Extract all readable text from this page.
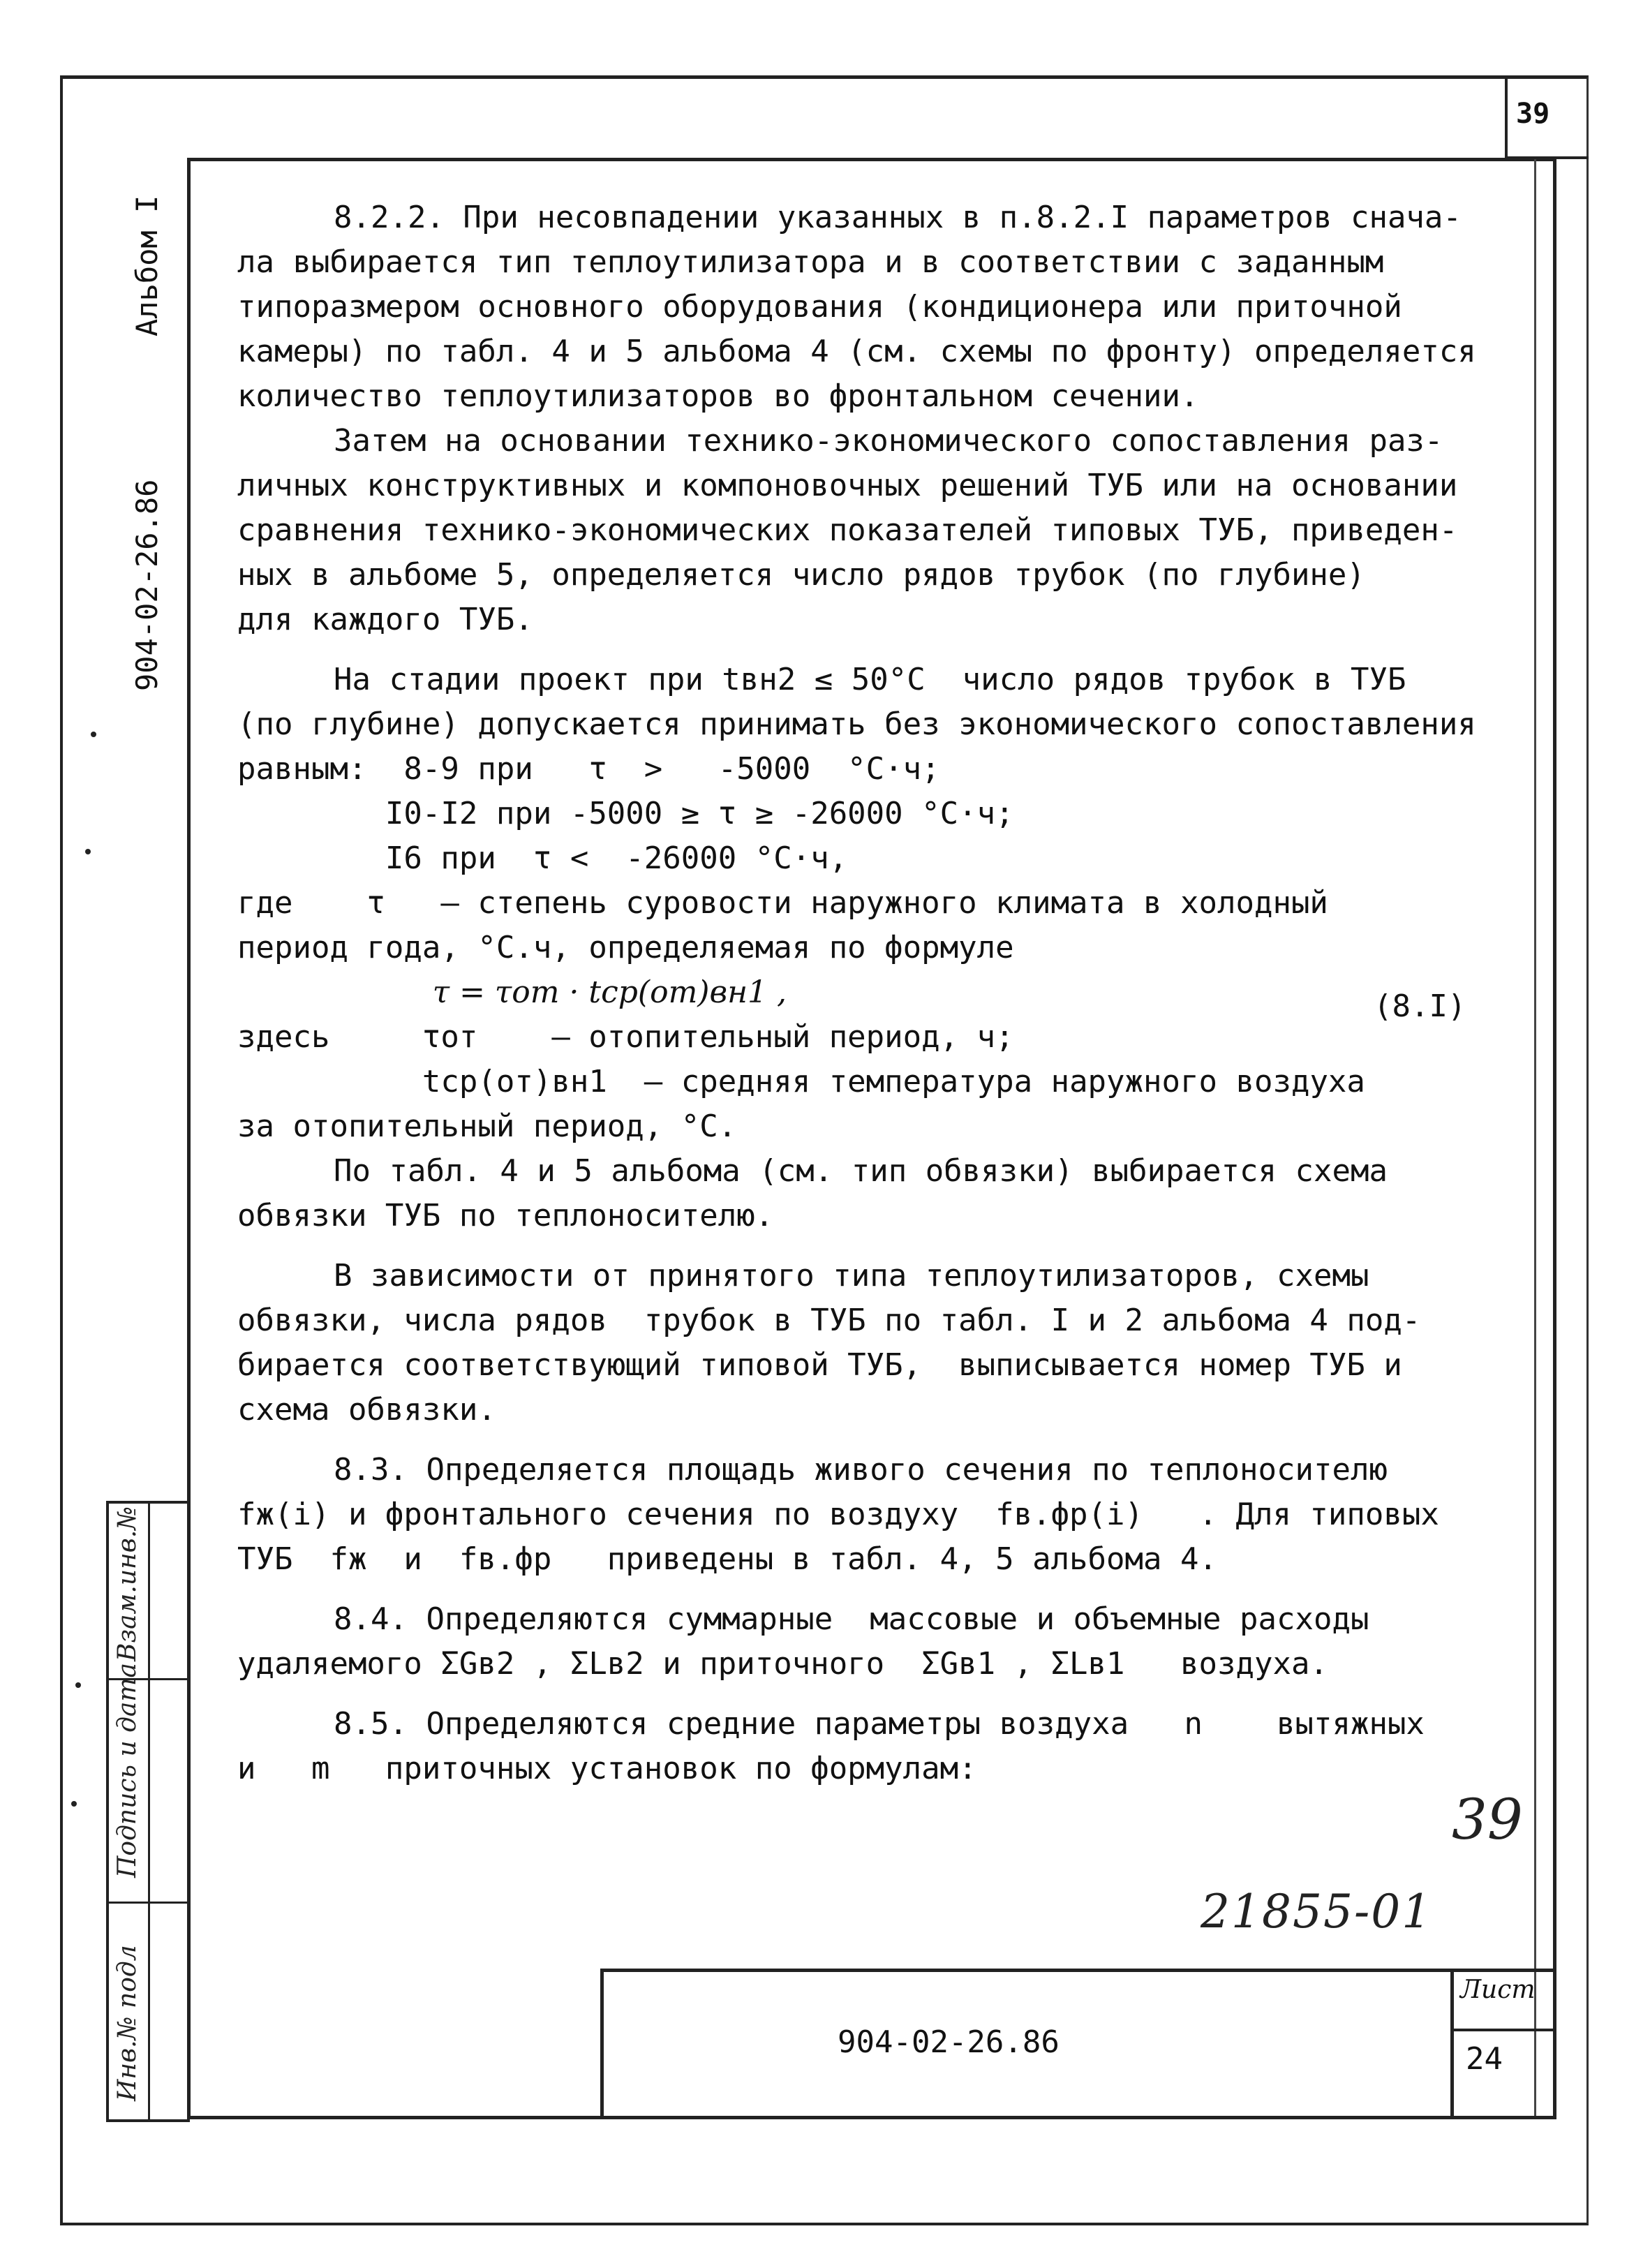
39
Альбом I
904-02-26.86
Инв.№ подл
Подпись и дата
Взам.инв.№

8.2.2. При несовпадении указанных в п.8.2.I параметров снача-

ла выбирается тип теплоутилизатора и в соответствии с заданным

типоразмером основного оборудования (кондиционера или приточной

камеры) по табл. 4 и 5 альбома 4 (см. схемы по фронту) определяется

количество теплоутилизаторов во фронтальном сечении.

Затем на основании технико-экономического сопоставления раз-

личных конструктивных и компоновочных решений ТУБ или на основании

сравнения технико-экономических показателей типовых ТУБ, приведен-

ных в альбоме 5, определяется число рядов трубок (по глубине)

для каждого ТУБ.

На стадии проект при tвн2 ≤ 50°C  число рядов трубок в ТУБ

(по глубине) допускается принимать без экономического сопоставления

равным:  8-9 при   τ  >   -5000  °С·ч;

I0-I2 при -5000 ≥ τ ≥ -26000 °С·ч;

I6 при  τ <  -26000 °С·ч,

где    τ   – степень суровости наружного климата в холодный

период года, °С.ч, определяемая по формуле

τ = τот · tср(от)вн1 ,

здесь     τот    – отопительный период, ч;

tср(от)вн1  – средняя температура наружного воздуха

за отопительный период, °С.

По табл. 4 и 5 альбома (см. тип обвязки) выбирается схема

обвязки ТУБ по теплоносителю.

В зависимости от принятого типа теплоутилизаторов, схемы

обвязки, числа рядов  трубок в ТУБ по табл. I и 2 альбома 4 под-

бирается соответствующий типовой ТУБ,  выписывается номер ТУБ и

схема обвязки.

8.3. Определяется площадь живого сечения по теплоносителю

fж(i) и фронтального сечения по воздуху  fв.фр(i)   . Для типовых

ТУБ  fж  и  fв.фр   приведены в табл. 4, 5 альбома 4.

8.4. Определяются суммарные  массовые и объемные расходы

удаляемого ΣGв2 , ΣLв2 и приточного  ΣGв1 , ΣLв1   воздуха.

8.5. Определяются средние параметры воздуха   n    вытяжных

и   m   приточных установок по формулам:

(8.I)
904-02-26.86
Лист
24
39
21855-01
